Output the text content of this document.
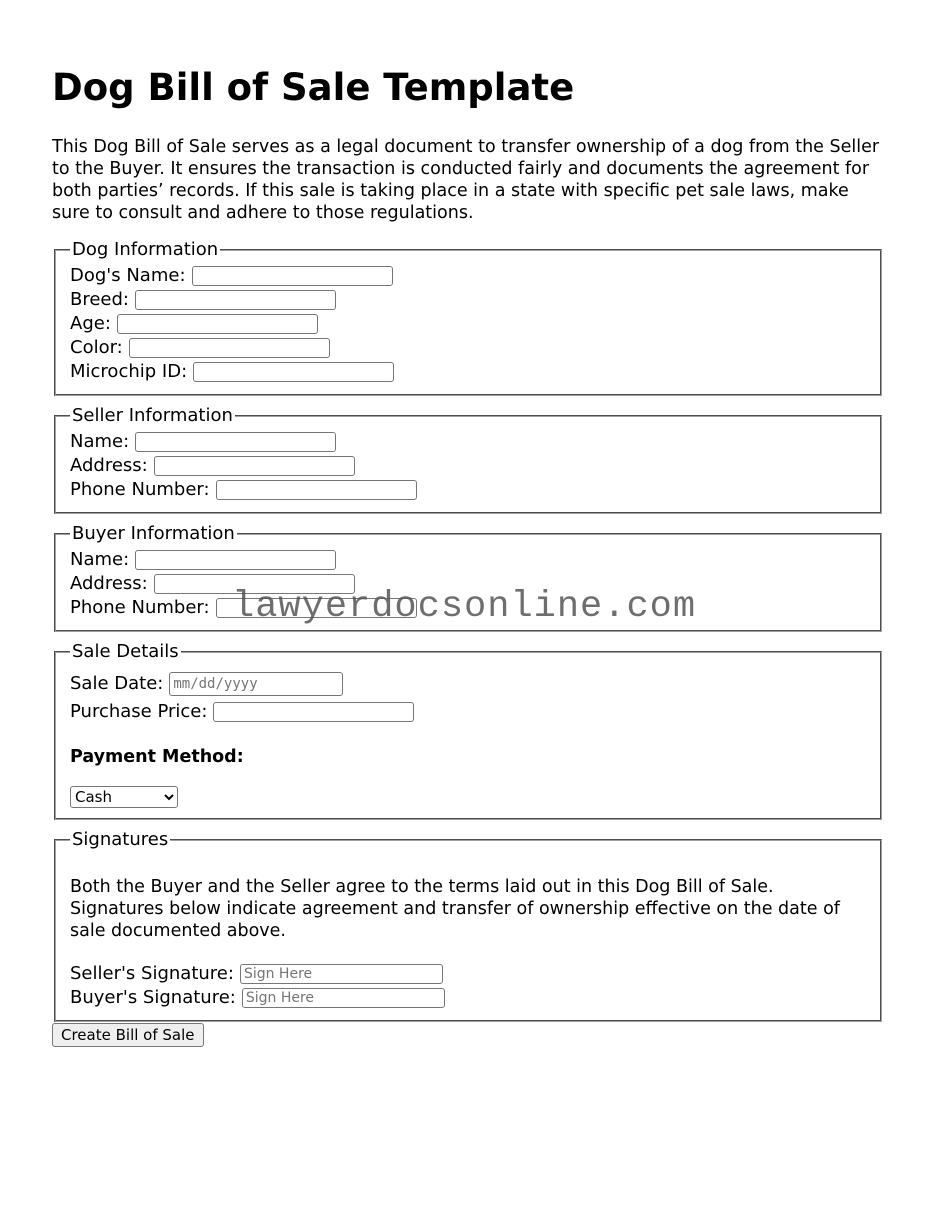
Dog Bill of Sale Template

This Dog Bill of Sale serves as a legal document to transfer ownership of a dog from the Seller to the Buyer. It ensures the transaction is conducted fairly and documents the agreement for both parties’ records. If this sale is taking place in a state with specific pet sale laws, make sure to consult and adhere to those regulations.

Dog Information
Dog's Name:
Breed:
Age:
Color:
Microchip ID:
Seller Information
Name:
Address:
Phone Number:
Buyer Information
Name:
Address:
Phone Number:
Sale Details
Sale Date:
mm/dd/yyyy
Purchase Price:
Payment Method:
Cash
Signatures

Both the Buyer and the Seller agree to the terms laid out in this Dog Bill of Sale. Signatures below indicate agreement and transfer of ownership effective on the date of sale documented above.

Seller's Signature:
Sign Here
Buyer's Signature:
Sign Here
Create Bill of Sale
lawyerdocsonline.com
